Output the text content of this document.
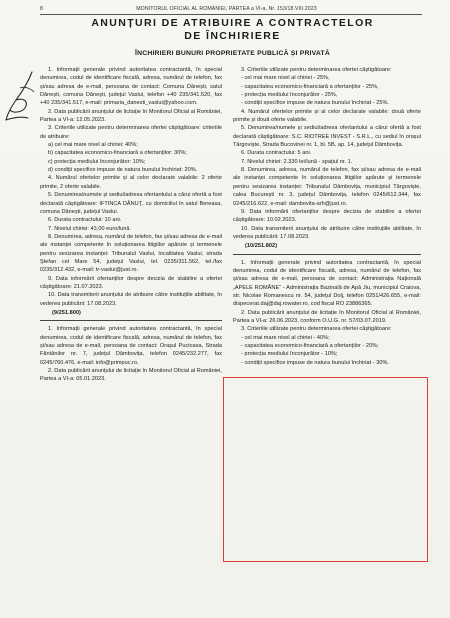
8	MONITORUL OFICIAL AL ROMÂNIEI, PARTEA a VI-a, Nr. 153/18.VIII.2023
ANUNȚURI DE ATRIBUIRE A CONTRACTELOR
DE ÎNCHIRIERE
ÎNCHIRIERI BUNURI PROPRIETATE PUBLICĂ ȘI PRIVATĂ

1. Informații generale privind autoritatea contractantă, în special denumirea, codul de identificare fiscală, adresa, numărul de telefon, fax și/sau adresa de e-mail, persoana de contact: Comuna Dănești, satul Dănești, comuna Dănești, județul Vaslui, telefon +40 235/341.520, fax +40 235/341.517, e-mail: primaria_danesti_vaslui@yahoo.com.

2. Data publicării anunțului de licitație în Monitorul Oficial al României, Partea a VI-a: 12.05.2023.

3. Criteriile utilizate pentru determinarea ofertei câștigătoare: criteriile de atribuire:

a) cel mai mare nivel al chiriei: 40%;

b) capacitatea economico-financiară a ofertanților: 30%;

c) protecția mediului înconjurător: 10%;

d) condiții specifice impuse de natura bunului închiriat: 20%.

4. Numărul ofertelor primite și al celor declarate valabile: 2 oferte primite, 2 oferte valabile.

5. Denumirea/numele și sediul/adresa ofertantului a cărui ofertă a fost declarată câștigătoare: IFTINCA DĂNUȚ, cu domiciliul în satul Bereasa, comuna Dănești, județul Vaslui.

6. Durata contractului: 10 ani.

7. Nivelul chiriei: 43,00 euro/lună.

8. Denumirea, adresa, numărul de telefon, fax și/sau adresa de e-mail ale instanței competente în soluționarea litigiilor apărute și termenele pentru sesizarea instanței: Tribunalul Vaslui, localitatea Vaslui, strada Ștefan cel Mare 54, județul Vaslui, tel. 0235/311.562, tel./fax 0235/312.432, e-mail: tr-vaslui@just.ro.

9. Data informării ofertanților despre decizia de stabilire a ofertei câștigătoare: 21.07.2023.

10. Data transmiterii anunțului de atribuire către instituțiile abilitate, în vederea publicării: 17.08.2023.

(9/251.800)

1. Informații generale privind autoritatea contractantă, în special denumirea, codul de identificare fiscală, adresa, numărul de telefon, fax și/sau adresa de e-mail, persoana de contact: Orașul Pucioasa, Strada Fântânilor nr. 7, județul Dâmbovița, telefon 0245/232.277, fax 0245/760.476, e-mail: info@primpuc.ro.

2. Data publicării anunțului de licitație în Monitorul Oficial al României, Partea a VI-a: 05.01.2023.

3. Criteriile utilizate pentru determinarea ofertei câștigătoare:

- cel mai mare nivel al chiriei - 25%,

- capacitatea economico-financiară a ofertanților - 25%,

- protecția mediului înconjurător - 25%,

- condiții specifice impuse de natura bunului închiriat - 25%.

4. Numărul ofertelor primite și al celor declarate valabile: două oferte primite și două oferte valabile.

5. Denumirea/numele și sediul/adresa ofertantului a cărui ofertă a fost declarată câștigătoare: S.C. RIOTREE INVEST - S.R.L., cu sediul în orașul Târgoviște, Strada Bucovinei nr. 1, bl. 5B, ap. 14, județul Dâmbovița.

6. Durata contractului: 5 ani.

7. Nivelul chiriei: 2.330 lei/lună - spațiul nr. 1.

8. Denumirea, adresa, numărul de telefon, fax și/sau adresa de e-mail ale instanței competente în soluționarea litigiilor apărute și termenele pentru sesizarea instanței: Tribunalul Dâmbovița, municipiul Târgoviște, calea București nr. 3, județul Dâmbovița, telefon 0245/612.344, fax 0245/216.622, e-mail: dambovita-arh@just.ro.

9. Data informării ofertanților despre decizia de stabilire a ofertei câștigătoare: 10.02.2023.

10. Data transmiterii anunțului de atribuire către instituțiile abilitate, în vederea publicării: 17.08.2023.

(10/251.802)

1. Informații generale privind autoritatea contractantă, în special denumirea, codul de identificare fiscală, adresa, numărul de telefon, fax și/sau adresa de e-mail, persoana de contact: Administrația Națională „APELE ROMÂNE” - Administrația Bazinală de Apă Jiu, municipiul Craiova, str. Nicolae Romanescu nr. 54, județul Dolj, telefon 0251/426.655, e-mail: dispecerat.daj@daj.rowater.ro, cod fiscal RO 23886365.

2. Data publicării anunțului de licitație în Monitorul Oficial al României, Partea a VI-a: 26.06.2023, conform O.U.G. nr. 57/03.07.2019.

3. Criteriile utilizate pentru determinarea ofertei câștigătoare:

- cel mai mare nivel al chiriei - 40%;

- capacitatea economico-financiară a ofertanților - 20%;

- protecția mediului înconjurător - 10%;

- condiții specifice impuse de natura bunului închiriat - 30%.
